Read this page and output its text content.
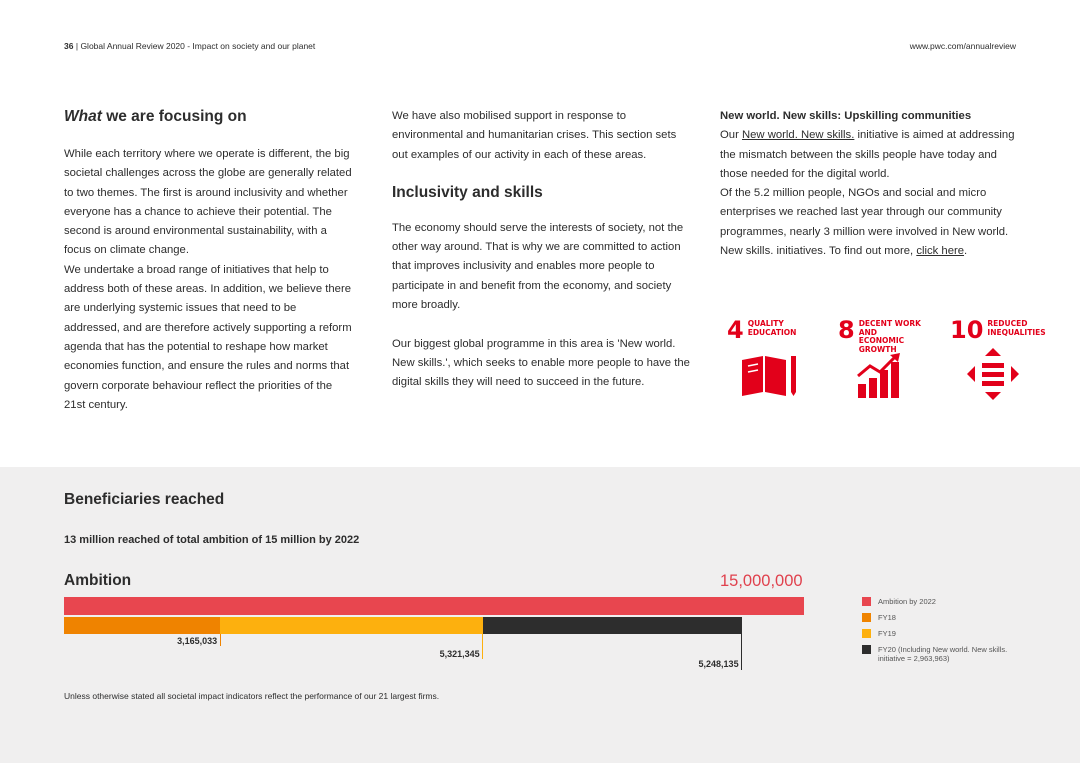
36 | Global Annual Review 2020 - Impact on society and our planet	www.pwc.com/annualreview
What we are focusing on

While each territory where we operate is different, the big societal challenges across the globe are generally related to two themes. The first is around inclusivity and whether everyone has a chance to achieve their potential. The second is around environmental sustainability, with a focus on climate change.

We undertake a broad range of initiatives that help to address both of these areas. In addition, we believe there are underlying systemic issues that need to be addressed, and are therefore actively supporting a reform agenda that has the potential to reshape how market economies function, and ensure the rules and norms that govern corporate behaviour reflect the priorities of the 21st century.

We have also mobilised support in response to environmental and humanitarian crises. This section sets out examples of our activity in each of these areas.

Inclusivity and skills

The economy should serve the interests of society, not the other way around. That is why we are committed to action that improves inclusivity and enables more people to participate in and benefit from the economy, and society more broadly.

Our biggest global programme in this area is 'New world. New skills.', which seeks to enable more people to have the digital skills they will need to succeed in the future.

New world. New skills: Upskilling communities

Our New world. New skills. initiative is aimed at addressing the mismatch between the skills people have today and those needed for the digital world.

Of the 5.2 million people, NGOs and social and micro enterprises we reached last year through our community programmes, nearly 3 million were involved in New world. New skills. initiatives. To find out more, click here.

4 QUALITY
EDUCATION 8 DECENT WORK AND
ECONOMIC GROWTH
10 REDUCED
INEQUALITIES
Beneficiaries reached
13 million reached of total ambition of 15 million by 2022
Ambition	15,000,000
3,165,033
5,321,345
5,248,135
Ambition by 2022
FY18
FY19
FY20 (Including New world. New skills. initiative = 2,963,963)
Unless otherwise stated all societal impact indicators reflect the performance of our 21 largest firms.
